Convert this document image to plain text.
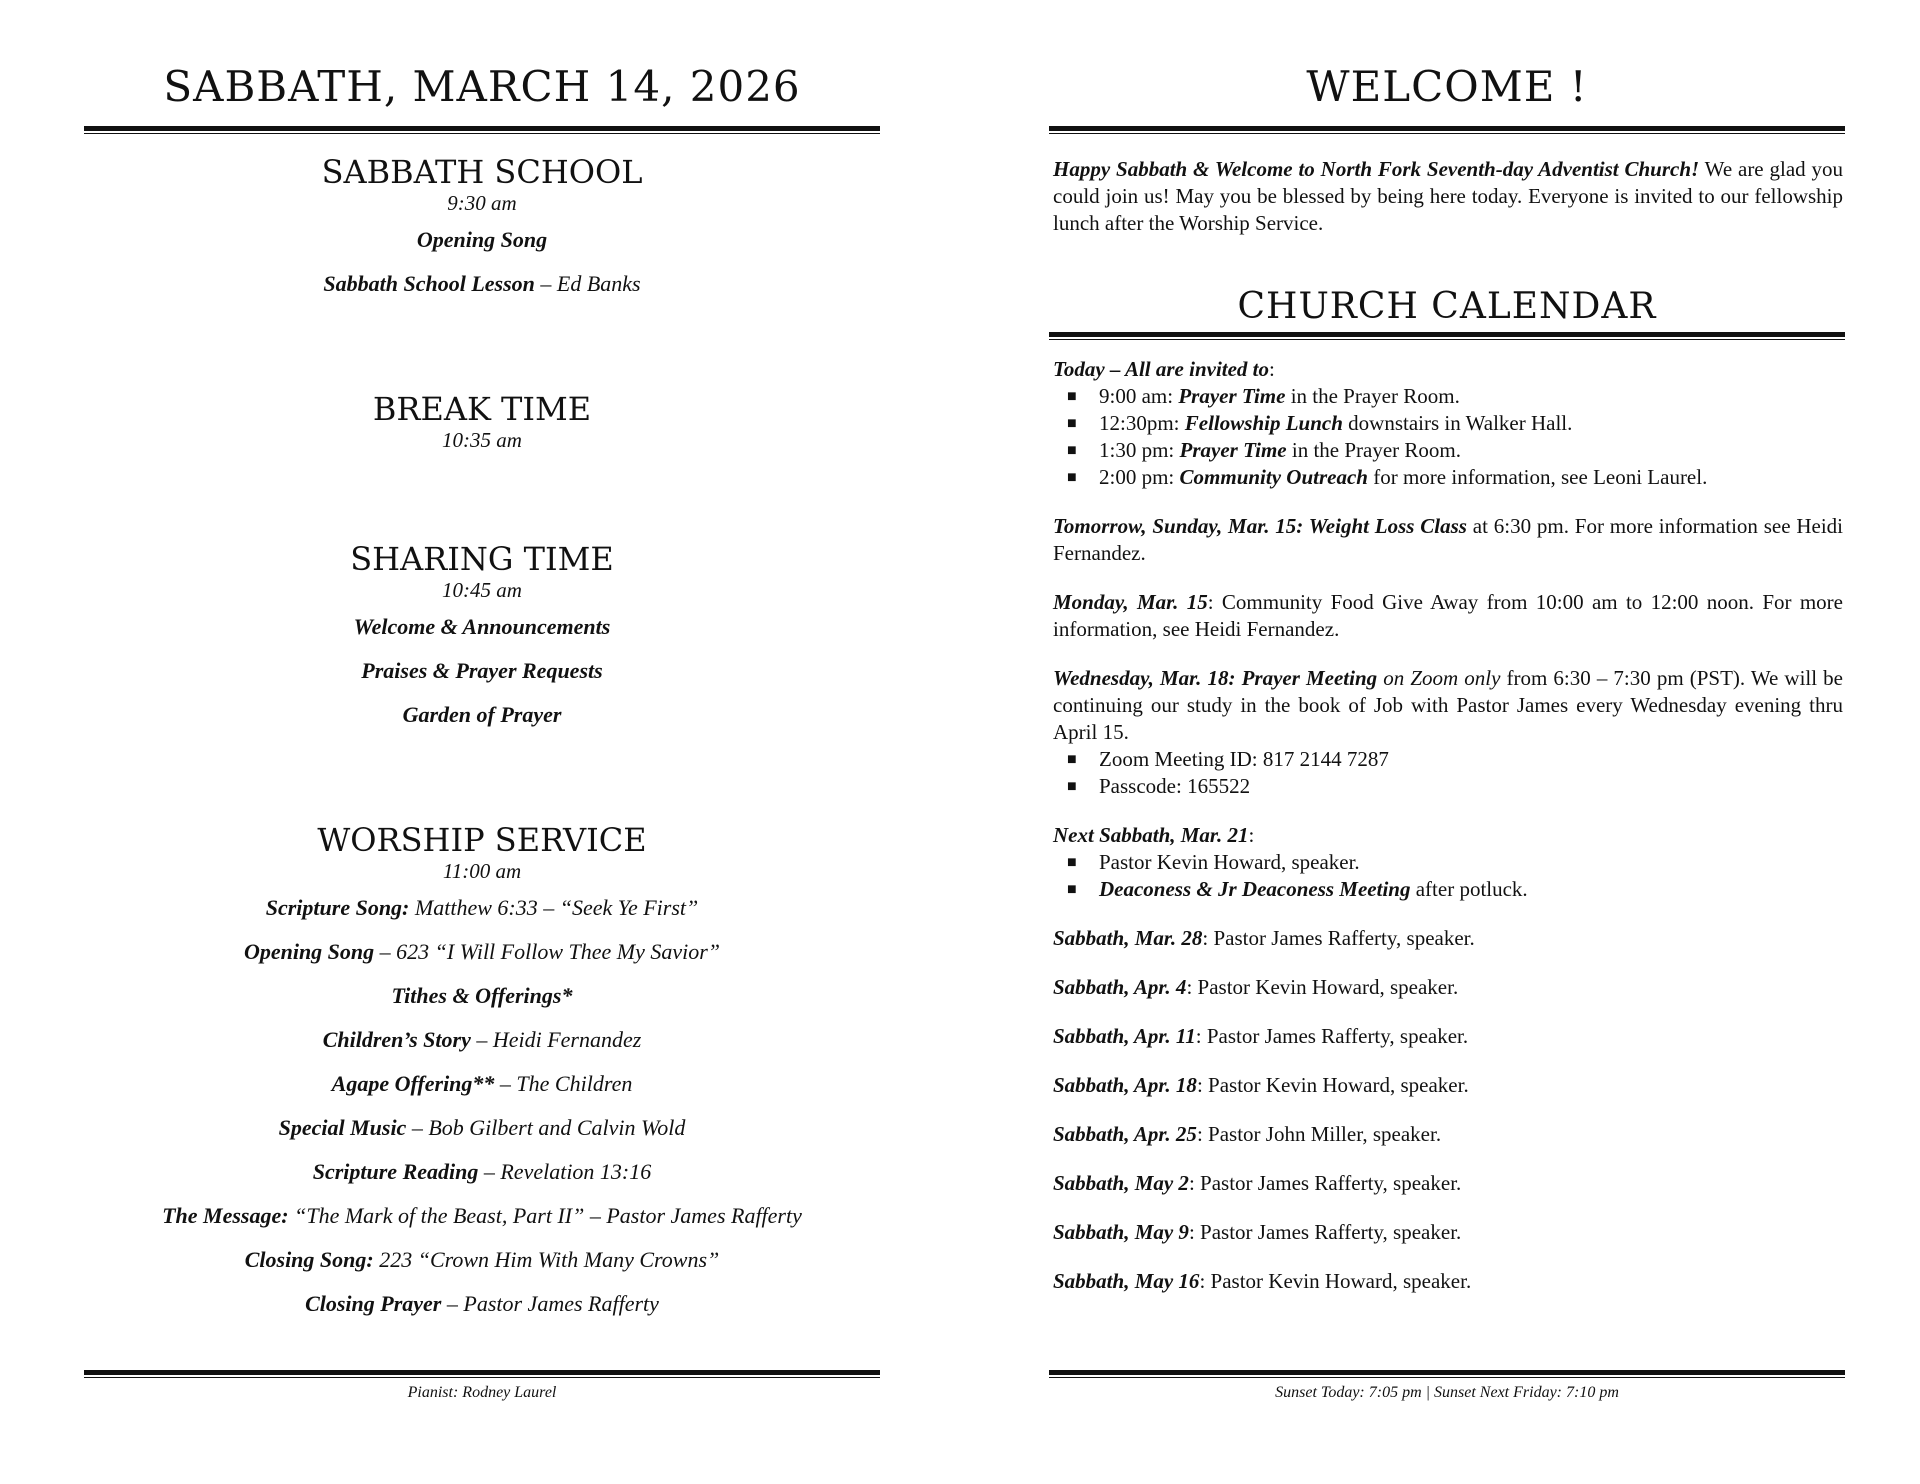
SABBATH, MARCH 14, 2026
SABBATH SCHOOL
9:30 am
Opening Song
Sabbath School Lesson – Ed Banks
BREAK TIME
10:35 am
SHARING TIME
10:45 am
Welcome & Announcements
Praises & Prayer Requests
Garden of Prayer
WORSHIP SERVICE
11:00 am
Scripture Song: Matthew 6:33 – “Seek Ye First”
Opening Song – 623 “I Will Follow Thee My Savior”
Tithes & Offerings*
Children’s Story – Heidi Fernandez
Agape Offering** – The Children
Special Music – Bob Gilbert and Calvin Wold
Scripture Reading – Revelation 13:16
The Message: “The Mark of the Beast, Part II” – Pastor James Rafferty
Closing Song: 223 “Crown Him With Many Crowns”
Closing Prayer – Pastor James Rafferty
Pianist: Rodney Laurel
WELCOME !

Happy Sabbath & Welcome to North Fork Seventh-day Adventist Church! We are glad you could join us! May you be blessed by being here today. Everyone is invited to our fellowship lunch after the Worship Service.

CHURCH CALENDAR

Today – All are invited to:

■ 9:00 am: Prayer Time in the Prayer Room.
■ 12:30pm: Fellowship Lunch downstairs in Walker Hall.
■ 1:30 pm: Prayer Time in the Prayer Room.
■ 2:00 pm: Community Outreach for more information, see Leoni Laurel.

Tomorrow, Sunday, Mar. 15: Weight Loss Class at 6:30 pm. For more information see Heidi Fernandez.

Monday, Mar. 15: Community Food Give Away from 10:00 am to 12:00 noon. For more information, see Heidi Fernandez.

Wednesday, Mar. 18: Prayer Meeting on Zoom only from 6:30 – 7:30 pm (PST). We will be continuing our study in the book of Job with Pastor James every Wednesday evening thru April 15.

■ Zoom Meeting ID: 817 2144 7287
■ Passcode: 165522

Next Sabbath, Mar. 21:

■ Pastor Kevin Howard, speaker.
■ Deaconess & Jr Deaconess Meeting after potluck.

Sabbath, Mar. 28: Pastor James Rafferty, speaker.

Sabbath, Apr. 4: Pastor Kevin Howard, speaker.

Sabbath, Apr. 11: Pastor James Rafferty, speaker.

Sabbath, Apr. 18: Pastor Kevin Howard, speaker.

Sabbath, Apr. 25: Pastor John Miller, speaker.

Sabbath, May 2: Pastor James Rafferty, speaker.

Sabbath, May 9: Pastor James Rafferty, speaker.

Sabbath, May 16: Pastor Kevin Howard, speaker.

Sunset Today: 7:05 pm | Sunset Next Friday: 7:10 pm
